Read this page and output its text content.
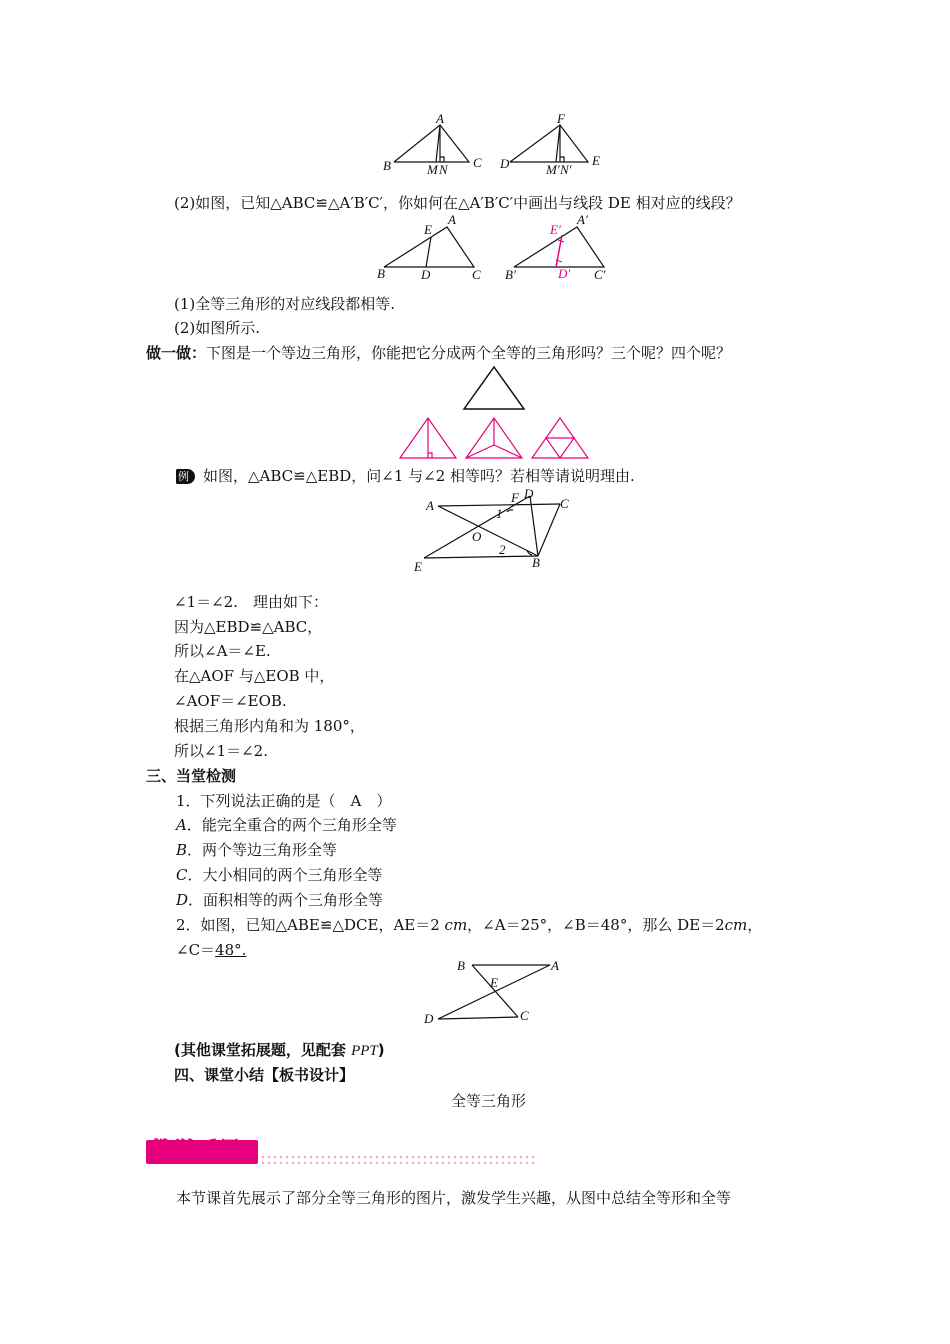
A
B	M N C
F
D	M′ N′
E
(2)如图，已知△ABC≌△A′B′C′，你如何在△A′B′C′中画出与线段 DE 相对应的线段？
E′
D′
E
A
B	D	C
A′
B′	C′
(1)全等三角形的对应线段都相等.
(2)如图所示.
做一做：下图是一个等边三角形，你能把它分成两个全等的三角形吗？三个呢？四个呢？
例 如图，△ABC≌△EBD，问∠1 与∠2 相等吗？若相等请说明理由.
A
F D
C
1
O
2
E	B
∠1＝∠2.　理由如下：
因为△EBD≌△ABC，
所以∠A＝∠E.
在△AOF 与△EOB 中，
∠AOF＝∠EOB.
根据三角形内角和为 180°，
所以∠1＝∠2.
三、当堂检测
1．下列说法正确的是（　A　）
A．能完全重合的两个三角形全等
B．两个等边三角形全等
C．大小相同的两个三角形全等
D．面积相等的两个三角形全等
2．如图，已知△ABE≌△DCE，AE＝2 cm，∠A＝25°，∠B＝48°，那么 DE＝2cm，
∠C＝48°.
B	A
E
D	C
(其他课堂拓展题，见配套 PPT)
四、课堂小结【板书设计】
全等三角形
教学反思
本节课首先展示了部分全等三角形的图片，激发学生兴趣，从图中总结全等形和全等
